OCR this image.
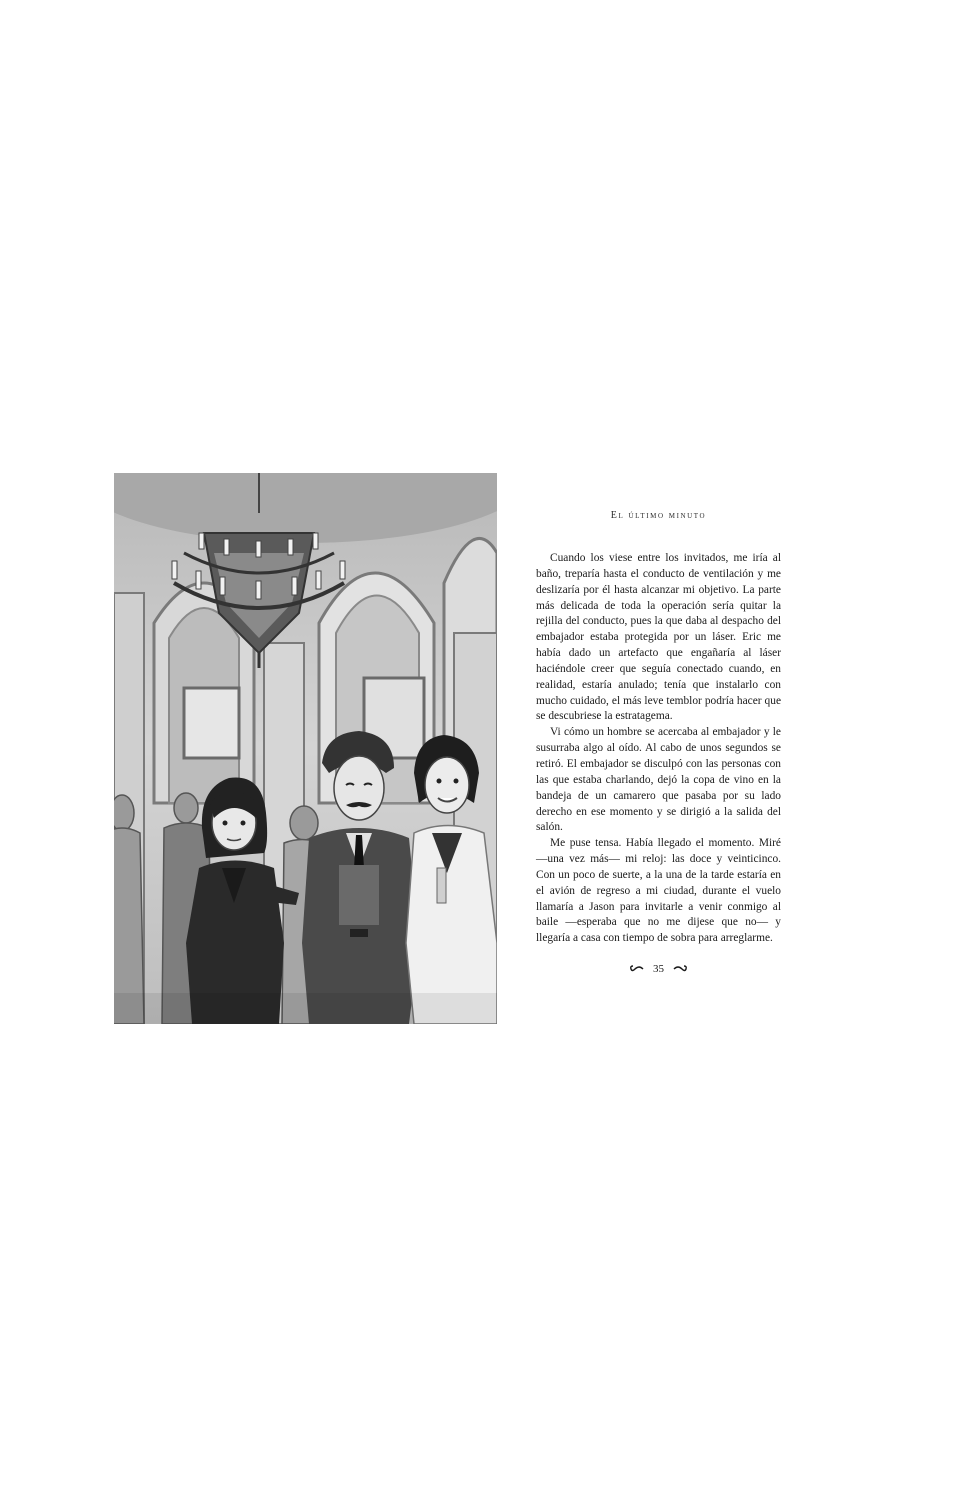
El último minuto

Cuando los viese entre los invitados, me iría al baño, treparía hasta el conducto de ventilación y me deslizaría por él hasta alcanzar mi objetivo. La parte más delicada de toda la operación sería quitar la rejilla del conducto, pues la que daba al despacho del embajador estaba protegida por un láser. Eric me había dado un artefacto que engañaría al láser haciéndole creer que seguía conectado cuando, en realidad, estaría anulado; tenía que instalarlo con mucho cuidado, el más leve temblor podría hacer que se descubriese la estratagema.

Vi cómo un hombre se acercaba al embajador y le susurraba algo al oído. Al cabo de unos segundos se retiró. El embajador se disculpó con las personas con las que estaba charlando, dejó la copa de vino en la bandeja de un camarero que pasaba por su lado derecho en ese momento y se dirigió a la salida del salón.

Me puse tensa. Había llegado el momento. Miré —una vez más— mi reloj: las doce y veinticinco. Con un poco de suerte, a la una de la tarde estaría en el avión de regreso a mi ciudad, durante el vuelo llamaría a Jason para invitarle a venir conmigo al baile —esperaba que no me dijese que no— y llegaría a casa con tiempo de sobra para arreglarme.

35
